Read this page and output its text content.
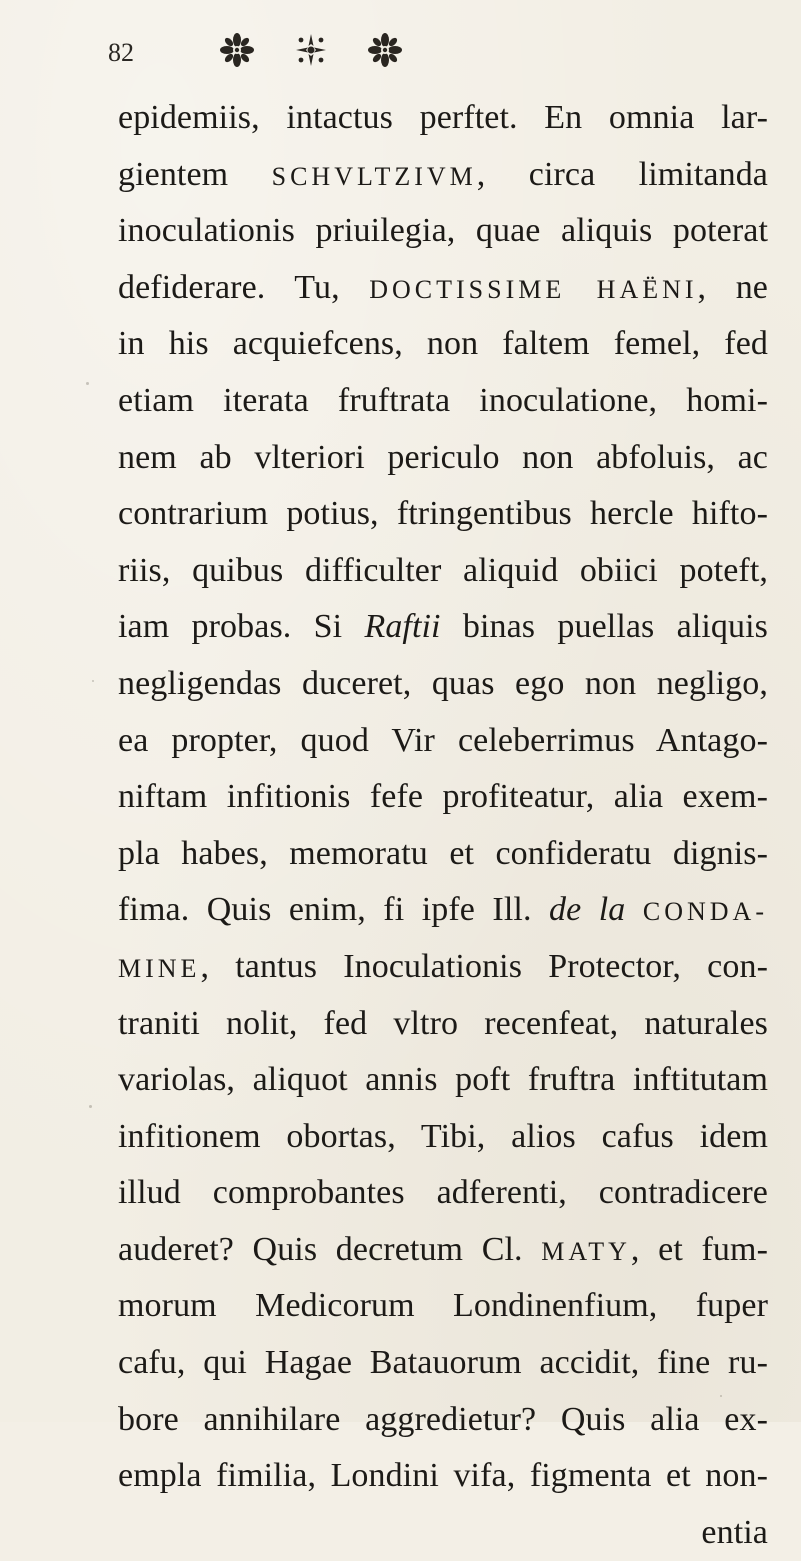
82
epidemiis, intactus perftet. En omnia lar-
gientem SCHVLTZIVM, circa limitanda
inoculationis priuilegia, quae aliquis poterat
defiderare. Tu, DOCTISSIME HAËNI, ne
in his acquiefcens, non faltem femel, fed
etiam iterata fruftrata inoculatione, homi-
nem ab vlteriori periculo non abfoluis, ac
contrarium potius, ftringentibus hercle hifto-
riis, quibus difficulter aliquid obiici poteft,
iam probas. Si Raftii binas puellas aliquis
negligendas duceret, quas ego non negligo,
ea propter, quod Vir celeberrimus Antago-
niftam infitionis fefe profiteatur, alia exem-
pla habes, memoratu et confideratu dignis-
fima. Quis enim, fi ipfe Ill. de la CONDA-
MINE, tantus Inoculationis Protector, con-
traniti nolit, fed vltro recenfeat, naturales
variolas, aliquot annis poft fruftra inftitutam
infitionem obortas, Tibi, alios cafus idem
illud comprobantes adferenti, contradicere
auderet? Quis decretum Cl. MATY, et fum-
morum Medicorum Londinenfium, fuper
cafu, qui Hagae Batauorum accidit, fine ru-
bore annihilare aggredietur? Quis alia ex-
empla fimilia, Londini vifa, figmenta et non-
entia
